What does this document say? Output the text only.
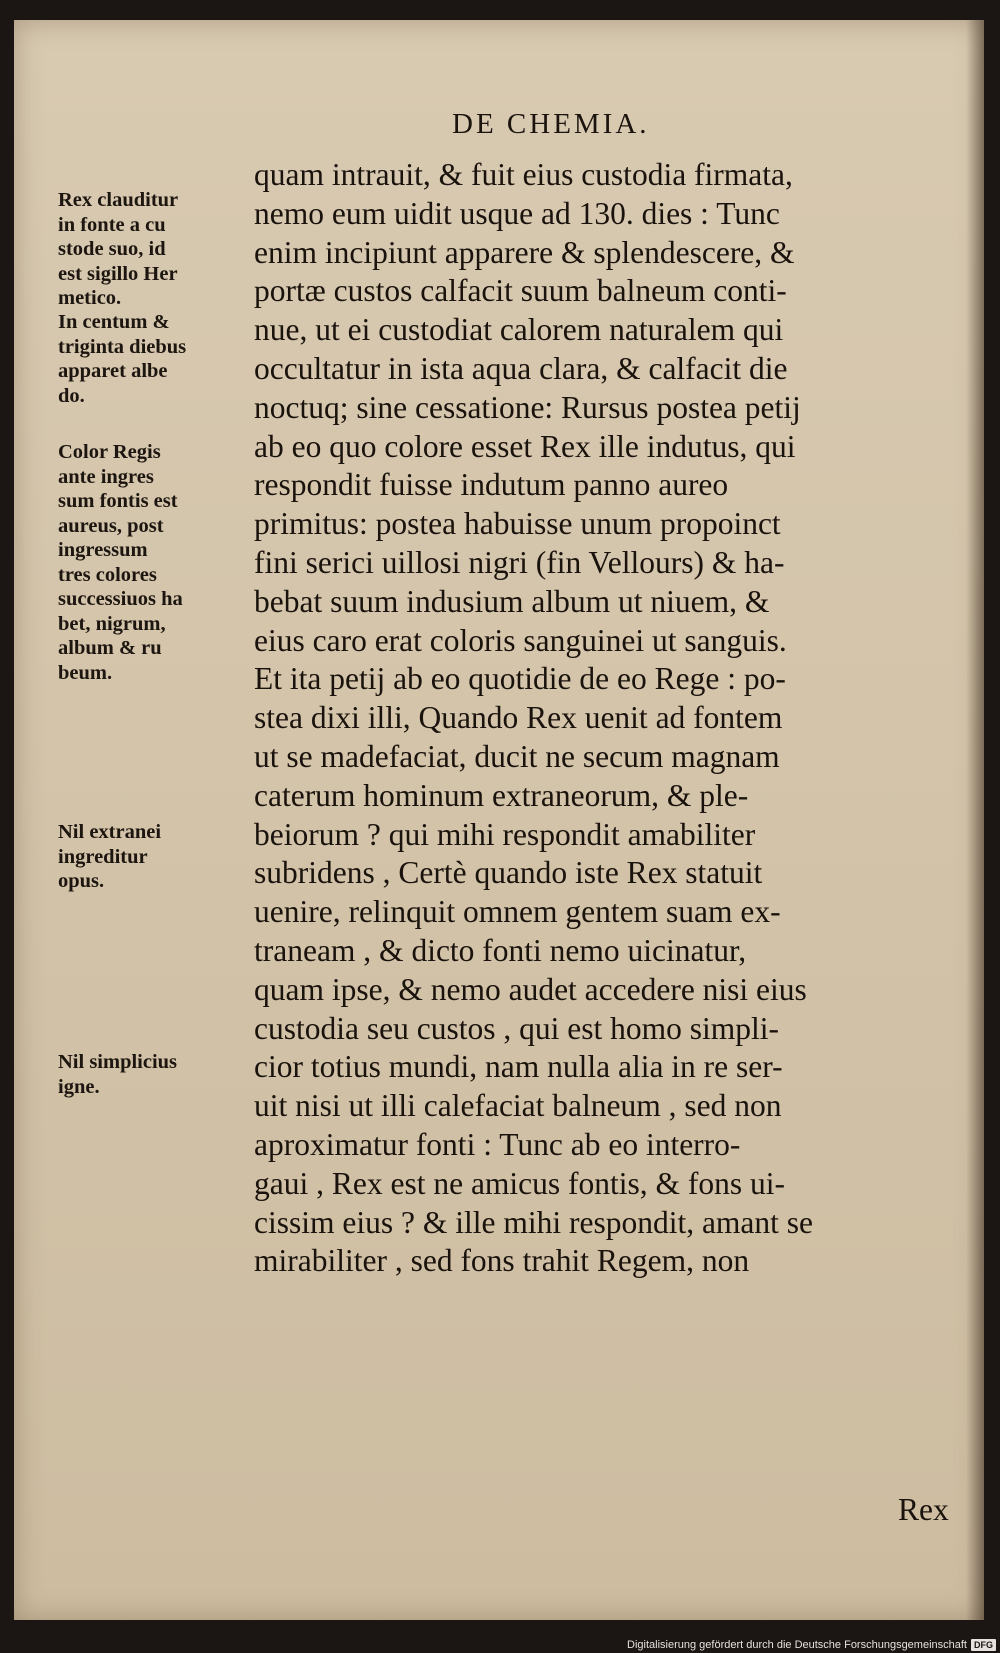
DE CHEMIA.
Rex clauditur
in fonte a cu
stode suo, id
est sigillo Her
metico.
In centum &
triginta diebus
apparet albe
do.
Color Regis
ante ingres
sum fontis est
aureus, post
ingressum
tres colores
successiuos ha
bet, nigrum,
album & ru
beum.
Nil extranei
ingreditur
opus.
Nil simplicius
igne.
quam intrauit, & fuit eius custodia firmata,
nemo eum uidit usque ad 130. dies : Tunc
enim incipiunt apparere & splendescere, &
portæ custos calfacit suum balneum conti-
nue, ut ei custodiat calorem naturalem qui
occultatur in ista aqua clara, & calfacit die
noctuq; sine cessatione: Rursus postea petij
ab eo quo colore esset Rex ille indutus, qui
respondit fuisse indutum panno aureo
primitus: postea habuisse unum propoinct
fini serici uillosi nigri (fin Vellours) & ha-
bebat suum indusium album ut niuem, &
eius caro erat coloris sanguinei ut sanguis.
Et ita petij ab eo quotidie de eo Rege : po-
stea dixi illi, Quando Rex uenit ad fontem
ut se madefaciat, ducit ne secum magnam
caterum hominum extraneorum, & ple-
beiorum ? qui mihi respondit amabiliter
subridens , Certè quando iste Rex statuit
uenire, relinquit omnem gentem suam ex-
traneam , & dicto fonti nemo uicinatur,
quam ipse, & nemo audet accedere nisi eius
custodia seu custos , qui est homo simpli-
cior totius mundi, nam nulla alia in re ser-
uit nisi ut illi calefaciat balneum , sed non
aproximatur fonti : Tunc ab eo interro-
gaui , Rex est ne amicus fontis, & fons ui-
cissim eius ? & ille mihi respondit, amant se
mirabiliter , sed fons trahit Regem, non
Rex
Digitalisierung gefördert durch die Deutsche Forschungsgemeinschaft DFG
